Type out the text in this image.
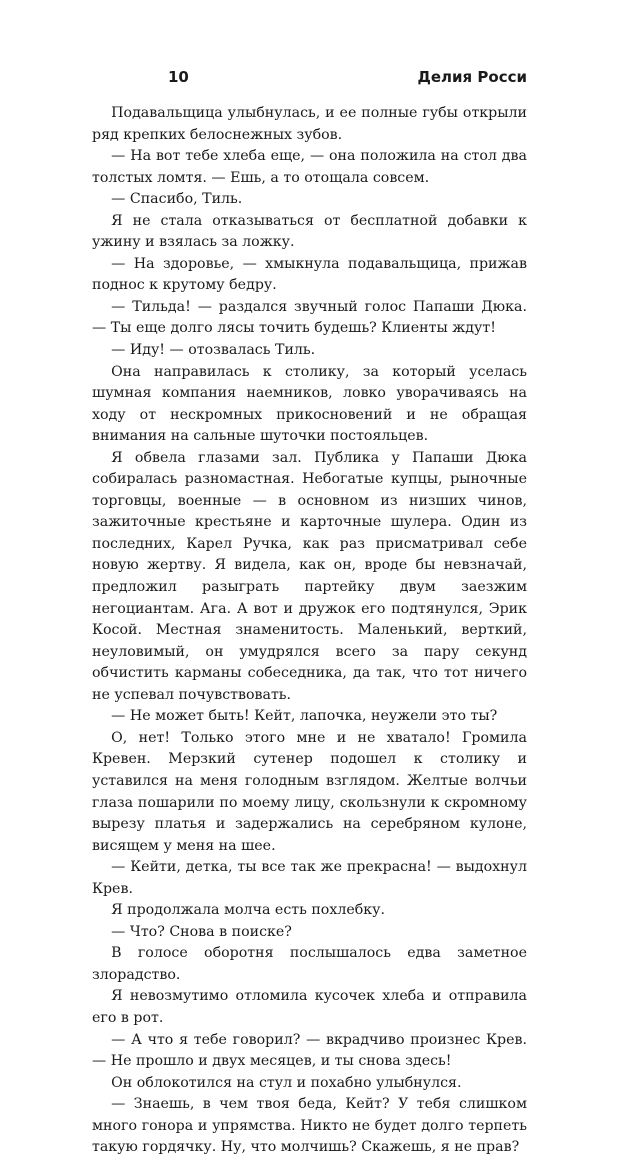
10	Делия Росси

Подавальщица улыбнулась, и ее полные губы открыли ряд крепких белоснежных зубов.

— На вот тебе хлеба еще, — она положила на стол два толстых ломтя. — Ешь, а то отощала совсем.

— Спасибо, Тиль.

Я не стала отказываться от бесплатной добавки к ужину и взялась за ложку.

— На здоровье, — хмыкнула подавальщица, прижав поднос к крутому бедру.

— Тильда! — раздался звучный голос Папаши Дюка. — Ты еще долго лясы точить будешь? Клиенты ждут!

— Иду! — отозвалась Тиль.

Она направилась к столику, за который уселась шумная компания наемников, ловко уворачиваясь на ходу от нескромных прикосновений и не обращая внимания на сальные шуточки постояльцев.

Я обвела глазами зал. Публика у Папаши Дюка собиралась разномастная. Небогатые купцы, рыночные торговцы, военные — в основном из низших чинов, зажиточные крестьяне и карточные шулера. Один из последних, Карел Ручка, как раз присматривал себе новую жертву. Я видела, как он, вроде бы невзначай, предложил разыграть партейку двум заезжим негоциантам. Ага. А вот и дружок его подтянулся, Эрик Косой. Местная знаменитость. Маленький, верткий, неуловимый, он умудрялся всего за пару секунд обчистить карманы собеседника, да так, что тот ничего не успевал почувствовать.

— Не может быть! Кейт, лапочка, неужели это ты?

О, нет! Только этого мне и не хватало! Громила Кревен. Мерзкий сутенер подошел к столику и уставился на меня голодным взглядом. Желтые волчьи глаза пошарили по моему лицу, скользнули к скромному вырезу платья и задержались на серебряном кулоне, висящем у меня на шее.

— Кейти, детка, ты все так же прекрасна! — выдохнул Крев.

Я продолжала молча есть похлебку.

— Что? Снова в поиске?

В голосе оборотня послышалось едва заметное злорадство.

Я невозмутимо отломила кусочек хлеба и отправила его в рот.

— А что я тебе говорил? — вкрадчиво произнес Крев. — Не прошло и двух месяцев, и ты снова здесь!

Он облокотился на стул и похабно улыбнулся.

— Знаешь, в чем твоя беда, Кейт? У тебя слишком много гонора и упрямства. Никто не будет долго терпеть такую гордячку. Ну, что молчишь? Скажешь, я не прав?
